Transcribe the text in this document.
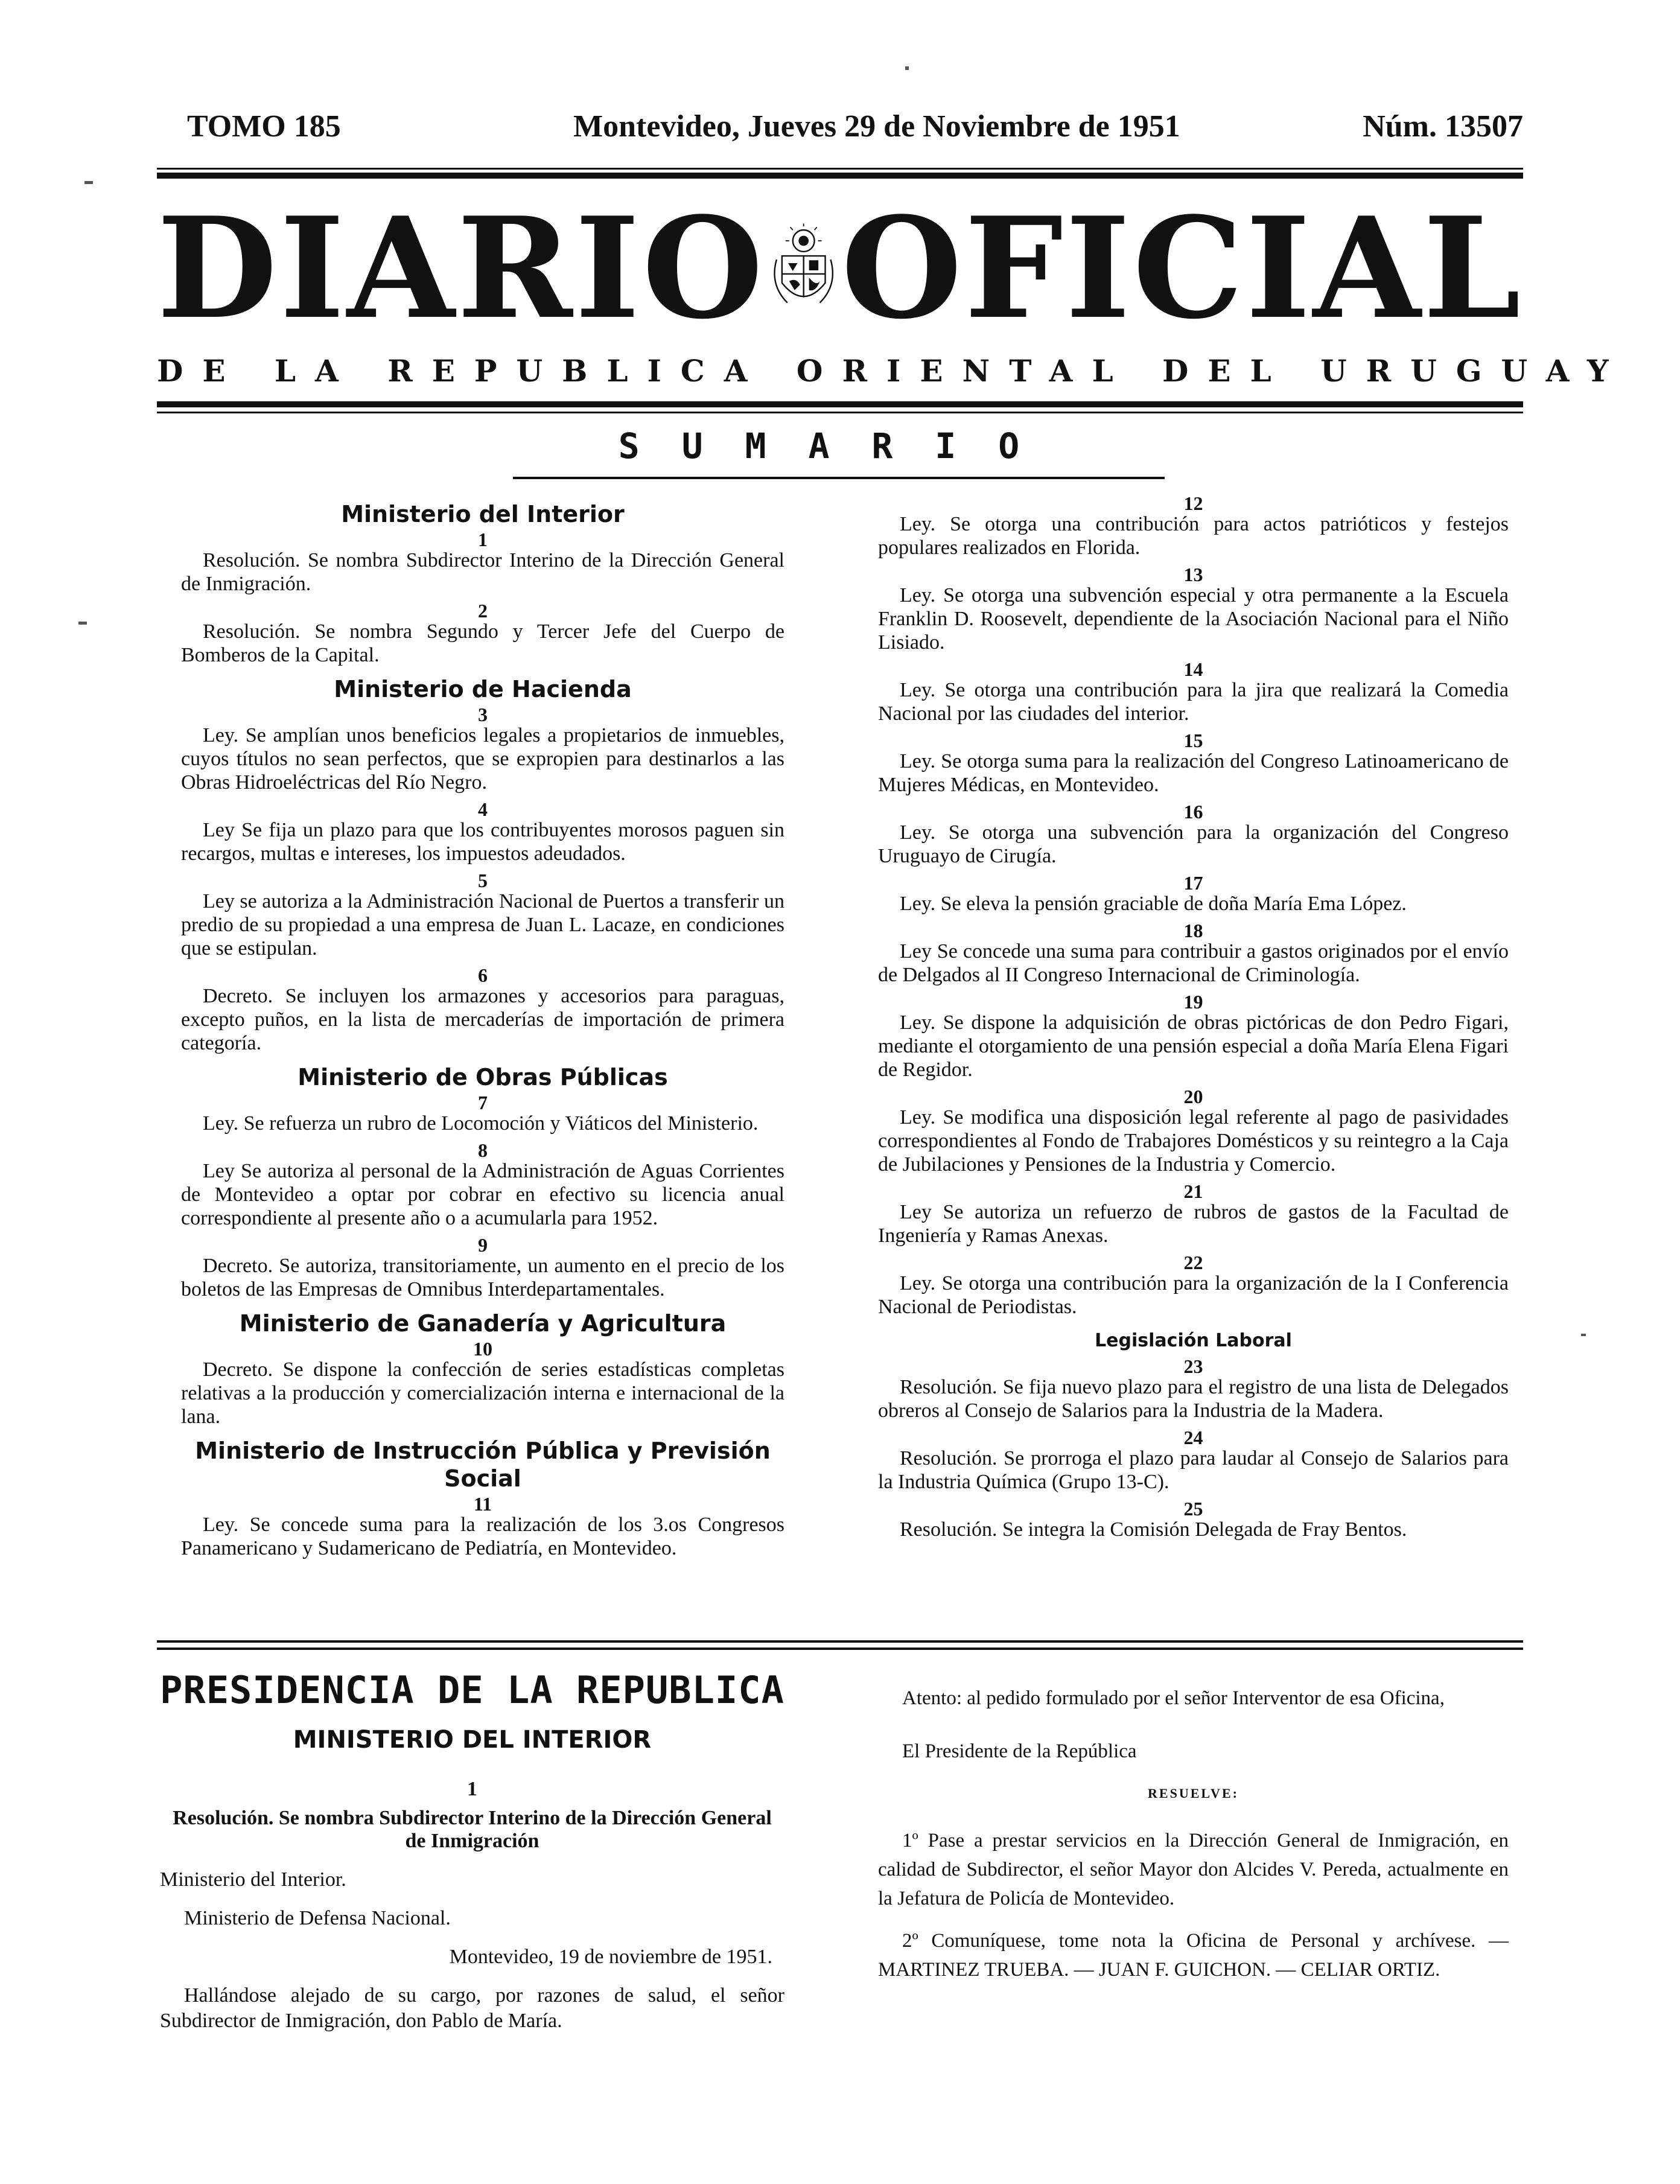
TOMO 185	Montevideo, Jueves 29 de Noviembre de 1951	Núm. 13507
DIARIO OFICIAL
DE LA REPUBLICA ORIENTAL DEL URUGUAY
SUMARIO
Ministerio del Interior
1
Resolución. Se nombra Subdirector Interino de la Dirección General de Inmigración.
2
Resolución. Se nombra Segundo y Tercer Jefe del Cuerpo de Bomberos de la Capital.
Ministerio de Hacienda
3
Ley. Se amplían unos beneficios legales a propietarios de inmuebles, cuyos títulos no sean perfectos, que se expropien para destinarlos a las Obras Hidroeléctricas del Río Negro.
4
Ley Se fija un plazo para que los contribuyentes morosos paguen sin recargos, multas e intereses, los impuestos adeudados.
5
Ley se autoriza a la Administración Nacional de Puertos a transferir un predio de su propiedad a una empresa de Juan L. Lacaze, en condiciones que se estipulan.
6
Decreto. Se incluyen los armazones y accesorios para paraguas, excepto puños, en la lista de mercaderías de importación de primera categoría.
Ministerio de Obras Públicas
7
Ley. Se refuerza un rubro de Locomoción y Viáticos del Ministerio.
8
Ley Se autoriza al personal de la Administración de Aguas Corrientes de Montevideo a optar por cobrar en efectivo su licencia anual correspondiente al presente año o a acumularla para 1952.
9
Decreto. Se autoriza, transitoriamente, un aumento en el precio de los boletos de las Empresas de Omnibus Interdepartamentales.
Ministerio de Ganadería y Agricultura
10
Decreto. Se dispone la confección de series estadísticas completas relativas a la producción y comercialización interna e internacional de la lana.
Ministerio de Instrucción Pública y Previsión Social
11
Ley. Se concede suma para la realización de los 3.os Congresos Panamericano y Sudamericano de Pediatría, en Montevideo.
12
Ley. Se otorga una contribución para actos patrióticos y festejos populares realizados en Florida.
13
Ley. Se otorga una subvención especial y otra permanente a la Escuela Franklin D. Roosevelt, dependiente de la Asociación Nacional para el Niño Lisiado.
14
Ley. Se otorga una contribución para la jira que realizará la Comedia Nacional por las ciudades del interior.
15
Ley. Se otorga suma para la realización del Congreso Latinoamericano de Mujeres Médicas, en Montevideo.
16
Ley. Se otorga una subvención para la organización del Congreso Uruguayo de Cirugía.
17
Ley. Se eleva la pensión graciable de doña María Ema López.
18
Ley Se concede una suma para contribuir a gastos originados por el envío de Delgados al II Congreso Internacional de Criminología.
19
Ley. Se dispone la adquisición de obras pictóricas de don Pedro Figari, mediante el otorgamiento de una pensión especial a doña María Elena Figari de Regidor.
20
Ley. Se modifica una disposición legal referente al pago de pasividades correspondientes al Fondo de Trabajores Domésticos y su reintegro a la Caja de Jubilaciones y Pensiones de la Industria y Comercio.
21
Ley Se autoriza un refuerzo de rubros de gastos de la Facultad de Ingeniería y Ramas Anexas.
22
Ley. Se otorga una contribución para la organización de la I Conferencia Nacional de Periodistas.
Legislación Laboral
23
Resolución. Se fija nuevo plazo para el registro de una lista de Delegados obreros al Consejo de Salarios para la Industria de la Madera.
24
Resolución. Se prorroga el plazo para laudar al Consejo de Salarios para la Industria Química (Grupo 13-C).
25
Resolución. Se integra la Comisión Delegada de Fray Bentos.
PRESIDENCIA DE LA REPUBLICA
MINISTERIO DEL INTERIOR
1
Resolución. Se nombra Subdirector Interino de la Dirección General de Inmigración
Ministerio del Interior.
Ministerio de Defensa Nacional.
Montevideo, 19 de noviembre de 1951.
Hallándose alejado de su cargo, por razones de salud, el señor Subdirector de Inmigración, don Pablo de María.
Atento: al pedido formulado por el señor Interventor de esa Oficina,
El Presidente de la República
RESUELVE:
1º Pase a prestar servicios en la Dirección General de Inmigración, en calidad de Subdirector, el señor Mayor don Alcides V. Pereda, actualmente en la Jefatura de Policía de Montevideo.
2º Comuníquese, tome nota la Oficina de Personal y archívese. — MARTINEZ TRUEBA. — JUAN F. GUICHON. — CELIAR ORTIZ.
